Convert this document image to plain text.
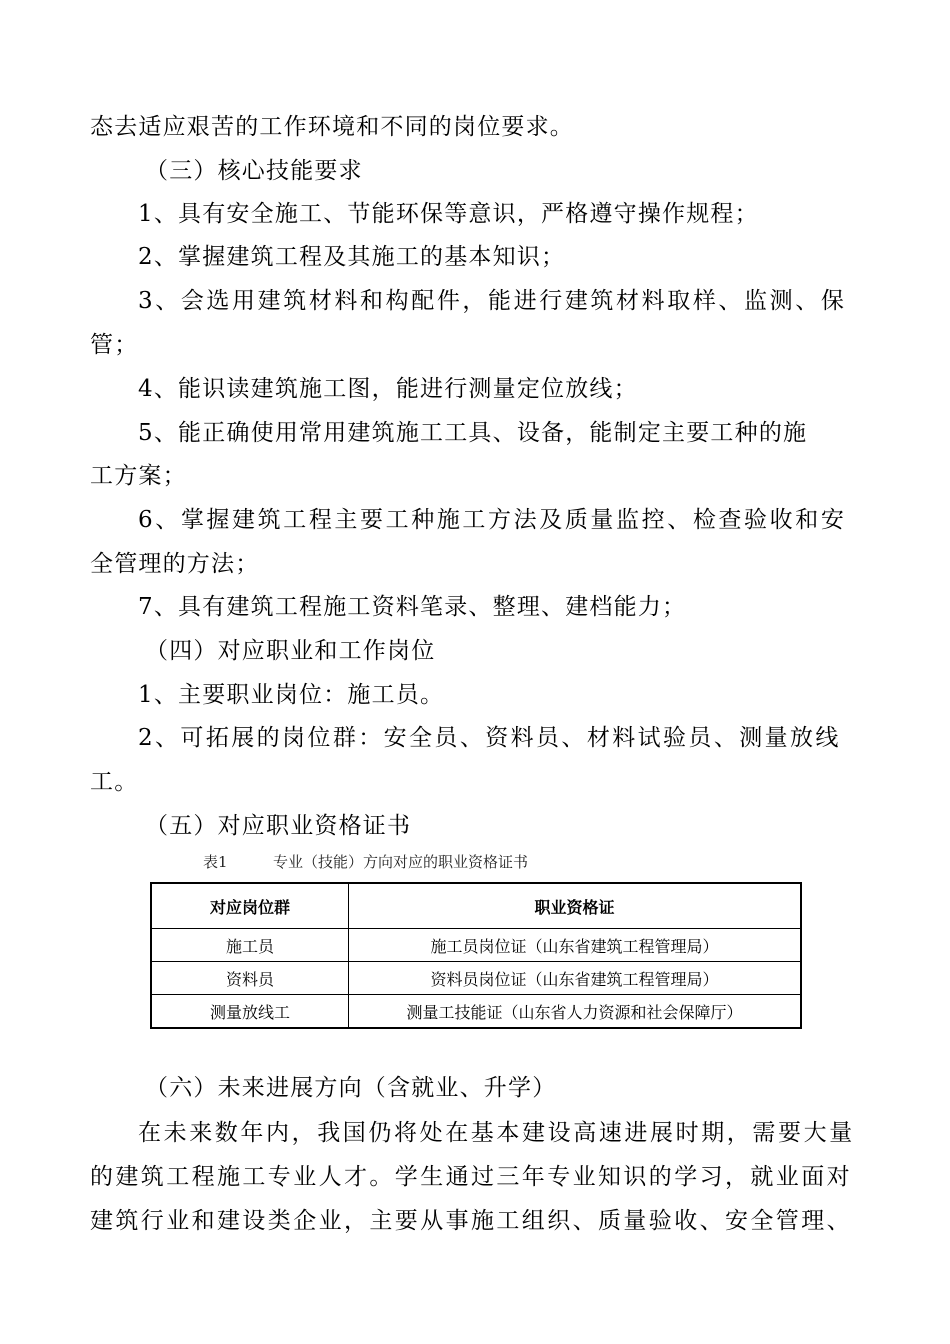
态去适应艰苦的工作环境和不同的岗位要求。
（三）核心技能要求
1、具有安全施工、节能环保等意识，严格遵守操作规程；
2、掌握建筑工程及其施工的基本知识；
3、会选用建筑材料和构配件，能进行建筑材料取样、监测、保
管；
4、能识读建筑施工图，能进行测量定位放线；
5、能正确使用常用建筑施工工具、设备，能制定主要工种的施
工方案；
6、掌握建筑工程主要工种施工方法及质量监控、检查验收和安
全管理的方法；
7、具有建筑工程施工资料笔录、整理、建档能力；
（四）对应职业和工作岗位
1、主要职业岗位：施工员。
2、可拓展的岗位群：安全员、资料员、材料试验员、测量放线
工。
（五）对应职业资格证书
表1	专业（技能）方向对应的职业资格证书
对应岗位群	职业资格证
施工员	施工员岗位证（山东省建筑工程管理局）
资料员	资料员岗位证（山东省建筑工程管理局）
测量放线工	测量工技能证（山东省人力资源和社会保障厅）
（六）未来进展方向（含就业、升学）
在未来数年内，我国仍将处在基本建设高速进展时期，需要大量
的建筑工程施工专业人才。学生通过三年专业知识的学习，就业面对
建筑行业和建设类企业，主要从事施工组织、质量验收、安全管理、
